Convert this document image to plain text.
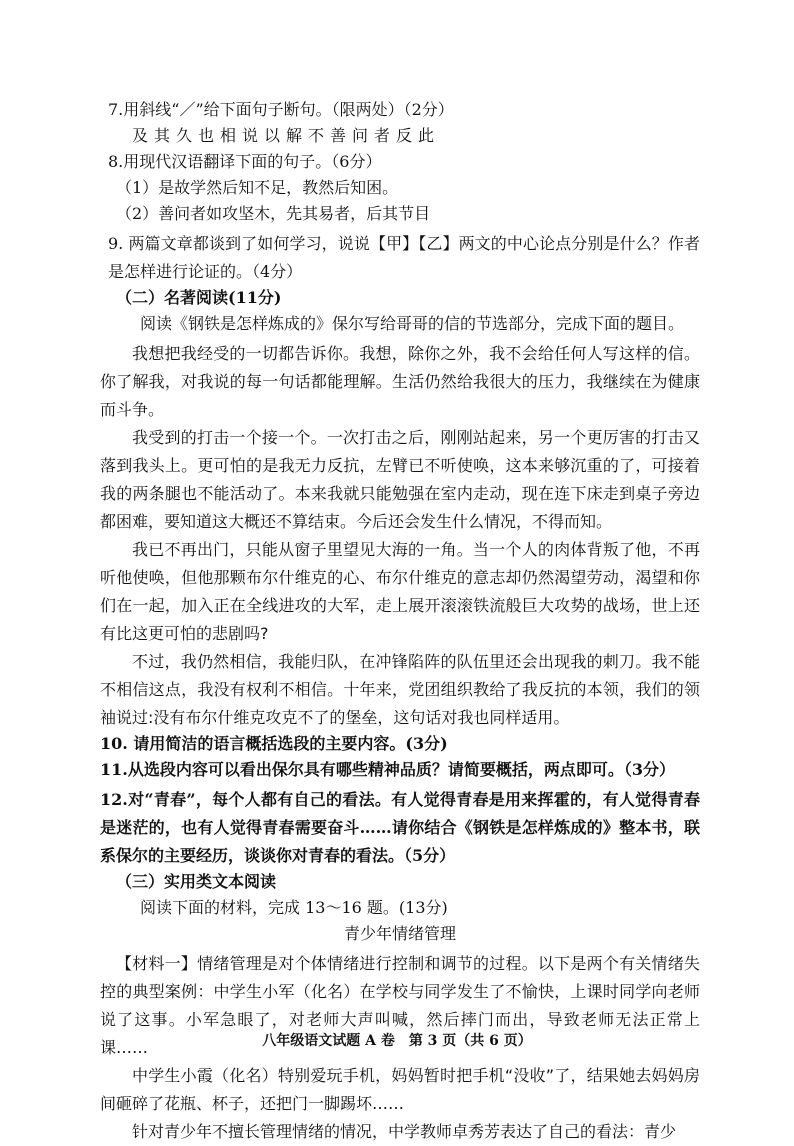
7.用斜线“／”给下面句子断句。（限两处）（2分）
及其久也相说以解不善问者反此
8.用现代汉语翻译下面的句子。（6分）
（1）是故学然后知不足，教然后知困。
（2）善问者如攻坚木，先其易者，后其节目

9. 两篇文章都谈到了如何学习，说说【甲】【乙】两文的中心论点分别是什么？作者是怎样进行论证的。（4分）

（二）名著阅读(11分)
阅读《钢铁是怎样炼成的》保尔写给哥哥的信的节选部分，完成下面的题目。

我想把我经受的一切都告诉你。我想，除你之外，我不会给任何人写这样的信。你了解我，对我说的每一句话都能理解。生活仍然给我很大的压力，我继续在为健康而斗争。

我受到的打击一个接一个。一次打击之后，刚刚站起来，另一个更厉害的打击又落到我头上。更可怕的是我无力反抗，左臂已不听使唤，这本来够沉重的了，可接着我的两条腿也不能活动了。本来我就只能勉强在室内走动，现在连下床走到桌子旁边都困难，要知道这大概还不算结束。今后还会发生什么情况，不得而知。

我已不再出门，只能从窗子里望见大海的一角。当一个人的肉体背叛了他，不再听他使唤，但他那颗布尔什维克的心、布尔什维克的意志却仍然渴望劳动，渴望和你们在一起，加入正在全线进攻的大军，走上展开滚滚铁流般巨大攻势的战场，世上还有比这更可怕的悲剧吗?

不过，我仍然相信，我能归队，在冲锋陷阵的队伍里还会出现我的刺刀。我不能不相信这点，我没有权利不相信。十年来，党团组织教给了我反抗的本领，我们的领袖说过:没有布尔什维克攻克不了的堡垒，这句话对我也同样适用。

10. 请用简洁的语言概括选段的主要内容。(3分)
11.从选段内容可以看出保尔具有哪些精神品质？请简要概括，两点即可。（3分）

12.对“青春”，每个人都有自己的看法。有人觉得青春是用来挥霍的，有人觉得青春是迷茫的，也有人觉得青春需要奋斗……请你结合《钢铁是怎样炼成的》整本书，联系保尔的主要经历，谈谈你对青春的看法。（5分）

（三）实用类文本阅读
阅读下面的材料，完成 13～16 题。(13分)
青少年情绪管理

【材料一】情绪管理是对个体情绪进行控制和调节的过程。以下是两个有关情绪失控的典型案例：中学生小军（化名）在学校与同学发生了不愉快，上课时同学向老师说了这事。小军急眼了，对老师大声叫喊，然后摔门而出，导致老师无法正常上课……

中学生小霞（化名）特别爱玩手机，妈妈暂时把手机“没收”了，结果她去妈妈房间砸碎了花瓶、杯子，还把门一脚踢坏……

针对青少年不擅长管理情绪的情况，中学教师卓秀芳表达了自己的看法：青少

八年级语文试题 A 卷　第 3 页（共 6 页）
